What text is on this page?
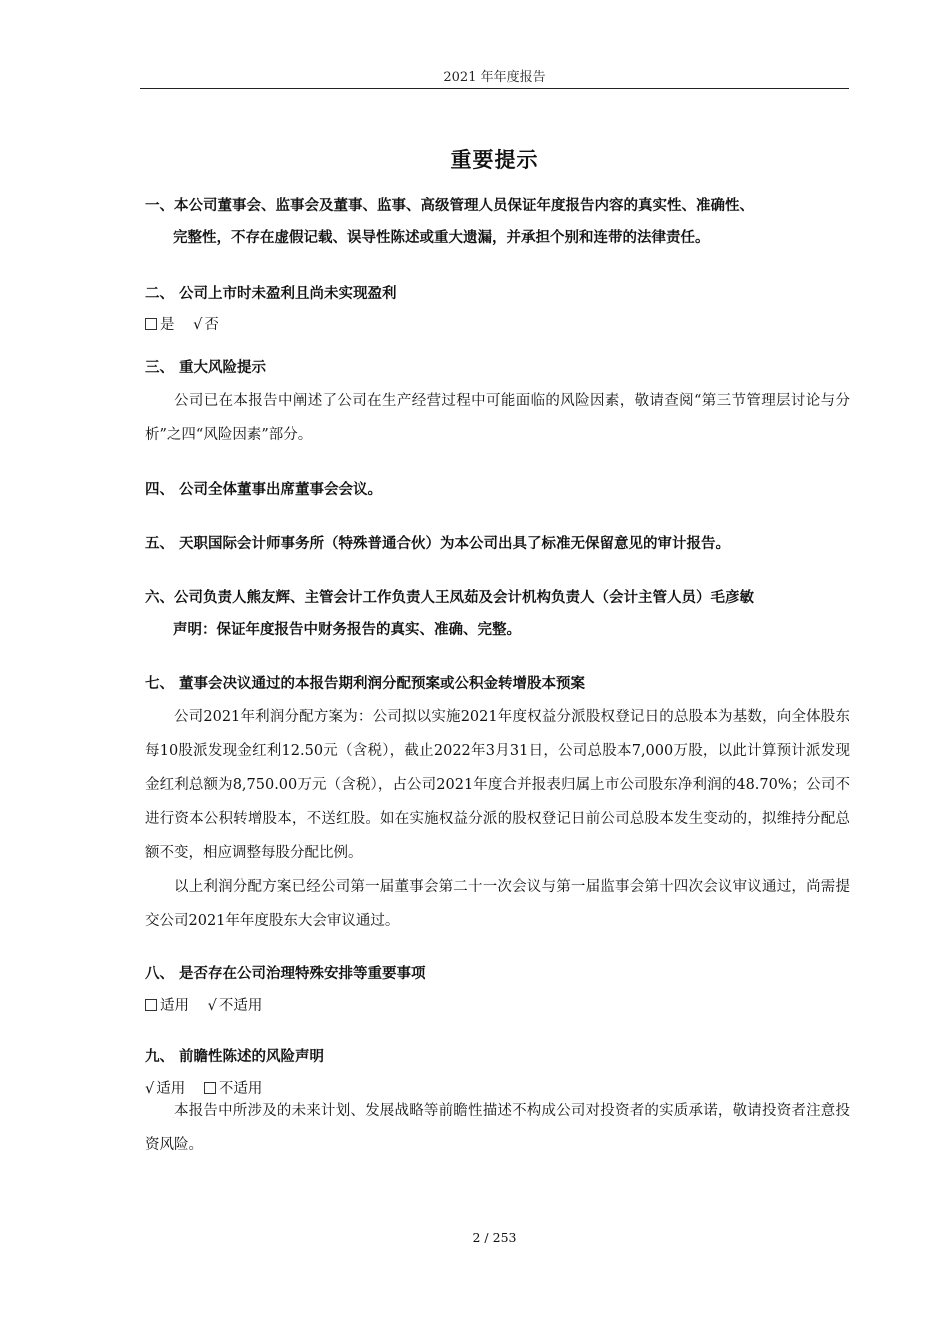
2021 年年度报告
重要提示
一、本公司董事会、监事会及董事、监事、高级管理人员保证年度报告内容的真实性、准确性、
完整性，不存在虚假记载、误导性陈述或重大遗漏，并承担个别和连带的法律责任。
二、 公司上市时未盈利且尚未实现盈利
是 √ 否
三、 重大风险提示

公司已在本报告中阐述了公司在生产经营过程中可能面临的风险因素，敬请查阅“第三节管理层讨论与分析”之四“风险因素”部分。

四、 公司全体董事出席董事会会议。
五、 天职国际会计师事务所（特殊普通合伙）为本公司出具了标准无保留意见的审计报告。
六、公司负责人熊友辉、主管会计工作负责人王凤茹及会计机构负责人（会计主管人员）毛彦敏
声明：保证年度报告中财务报告的真实、准确、完整。
七、 董事会决议通过的本报告期利润分配预案或公积金转增股本预案

公司2021年利润分配方案为：公司拟以实施2021年度权益分派股权登记日的总股本为基数，向全体股东每10股派发现金红利12.50元（含税），截止2022年3月31日，公司总股本7,000万股，以此计算预计派发现金红利总额为8,750.00万元（含税），占公司2021年度合并报表归属上市公司股东净利润的48.70%；公司不进行资本公积转增股本，不送红股。如在实施权益分派的股权登记日前公司总股本发生变动的，拟维持分配总额不变，相应调整每股分配比例。

以上利润分配方案已经公司第一届董事会第二十一次会议与第一届监事会第十四次会议审议通过，尚需提交公司2021年年度股东大会审议通过。

八、 是否存在公司治理特殊安排等重要事项
适用 √ 不适用
九、 前瞻性陈述的风险声明
√ 适用 不适用

本报告中所涉及的未来计划、发展战略等前瞻性描述不构成公司对投资者的实质承诺，敬请投资者注意投资风险。

2 / 253
